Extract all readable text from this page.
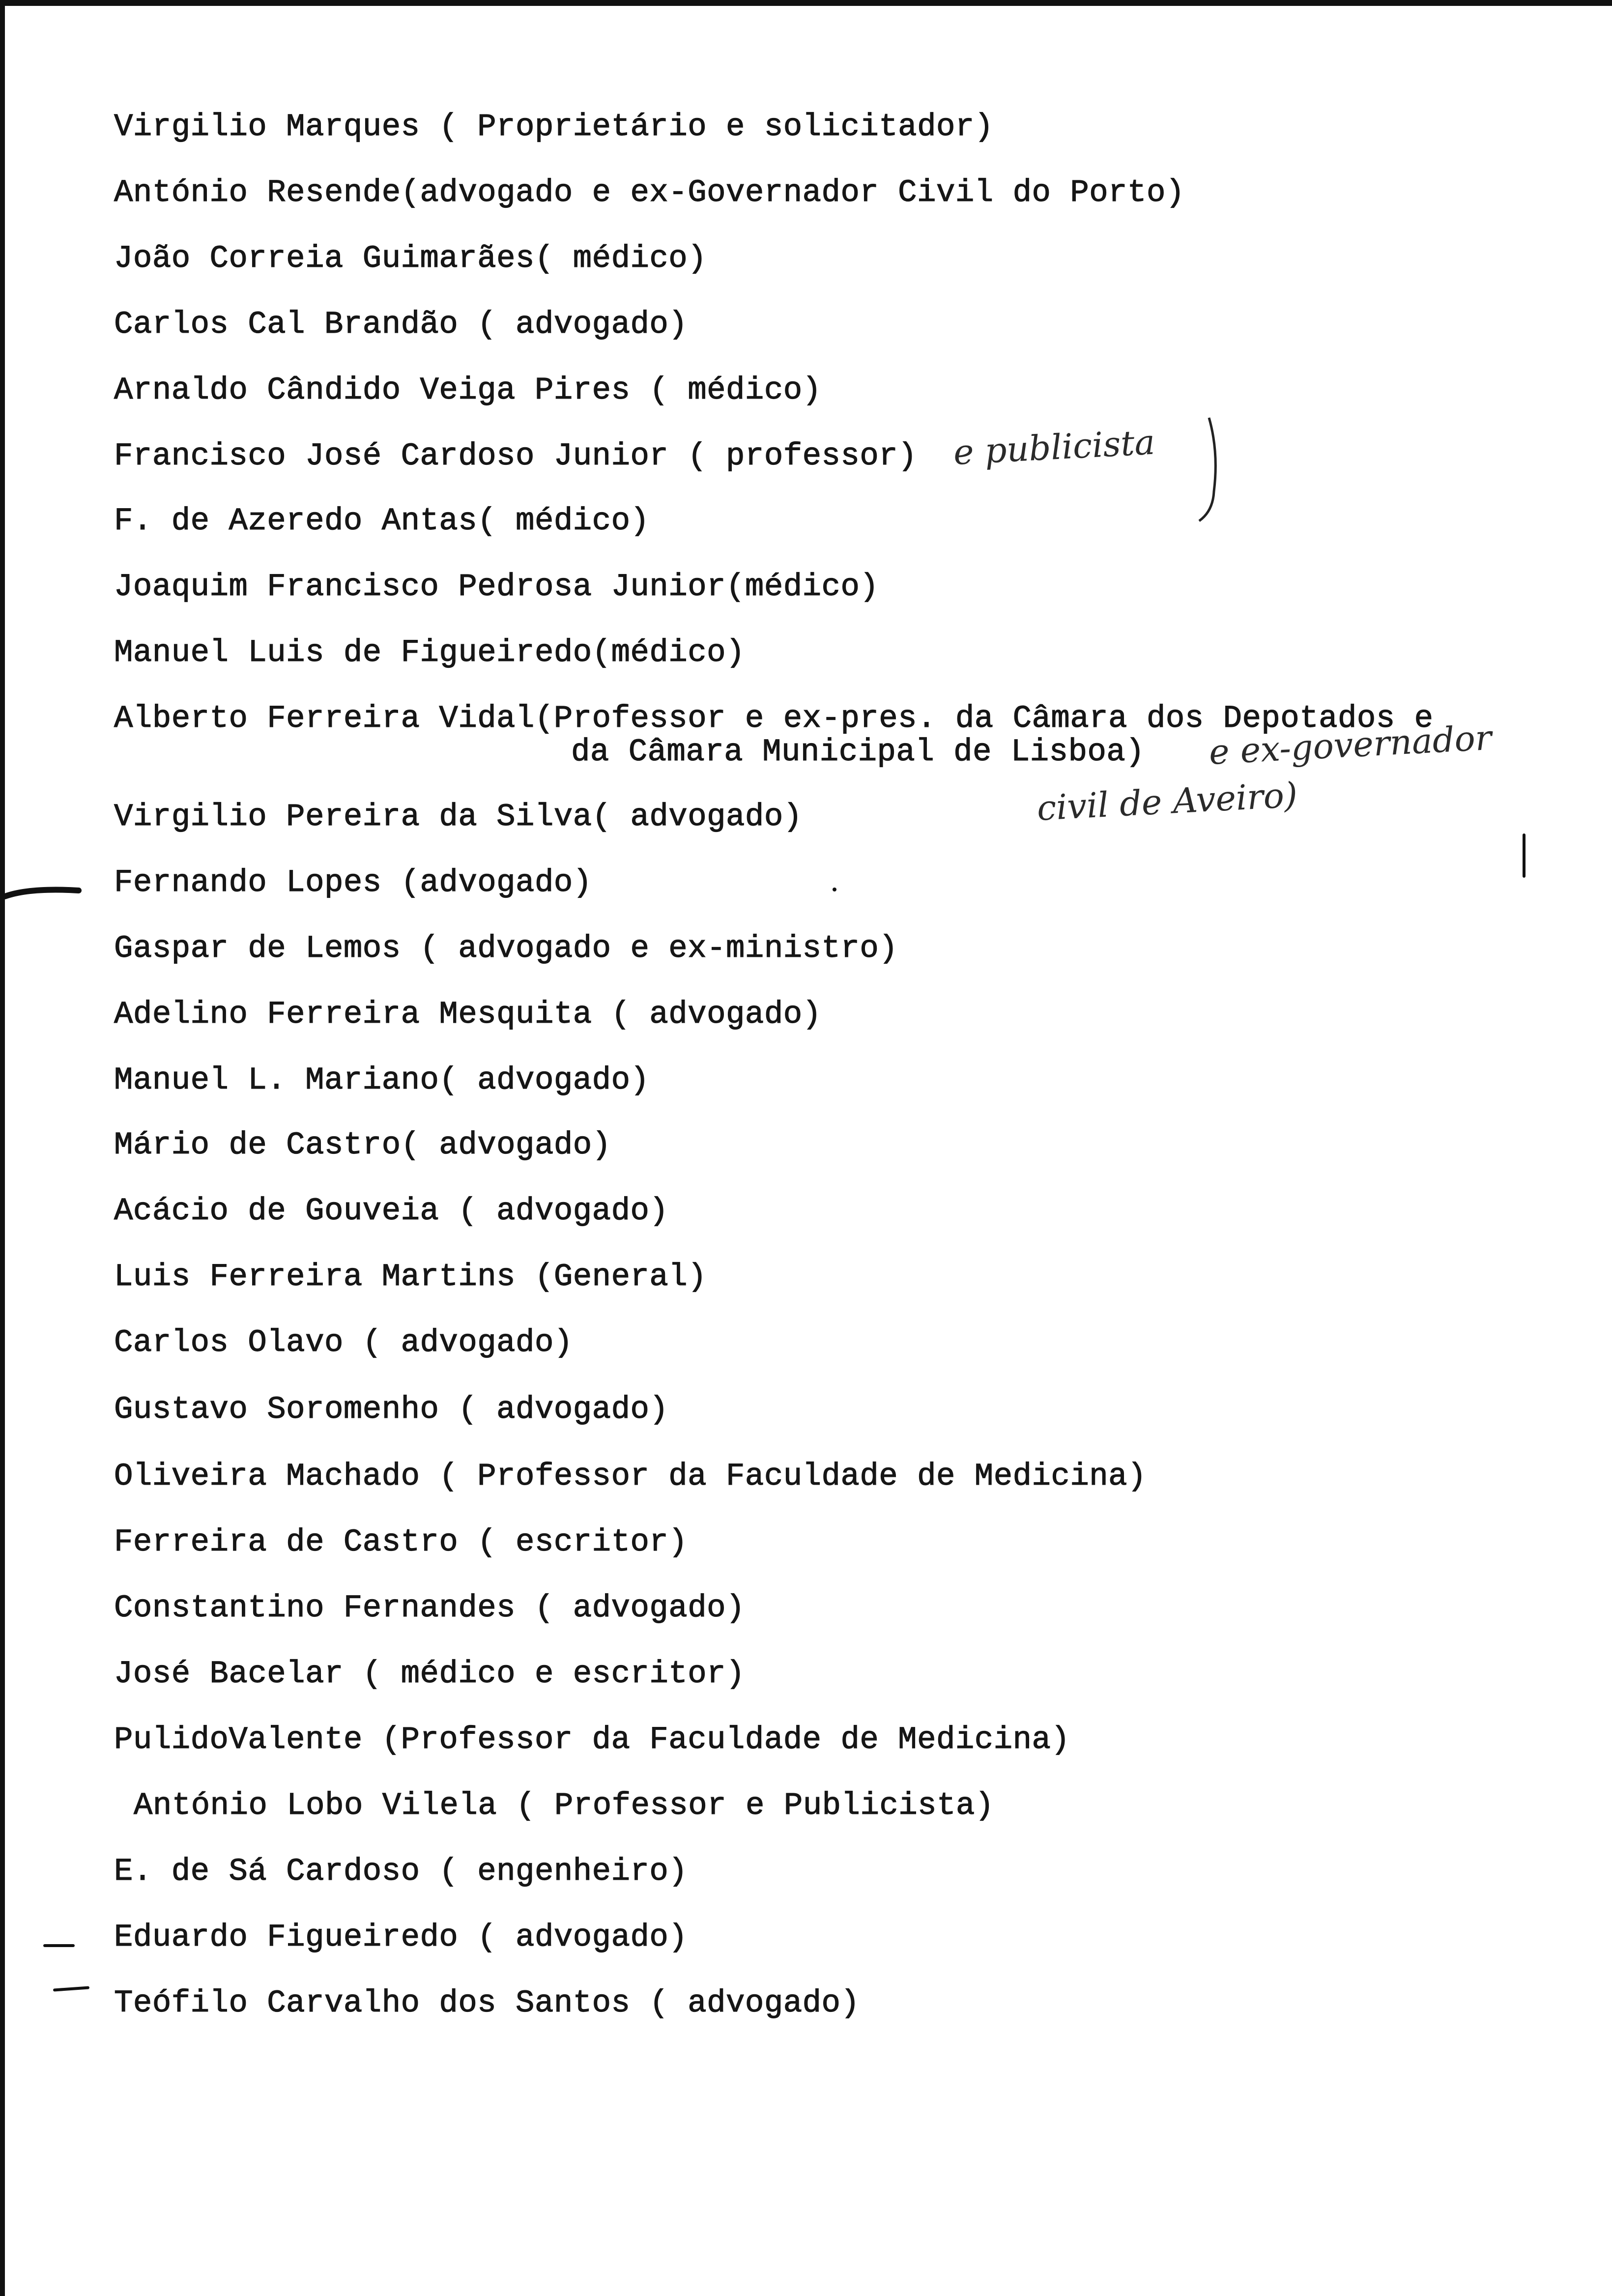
Virgilio Marques ( Proprietário e solicitador)
António Resende(advogado e ex-Governador Civil do Porto)
João Correia Guimarães( médico)
Carlos Cal Brandão ( advogado)
Arnaldo Cândido Veiga Pires ( médico)
Francisco José Cardoso Junior ( professor)
F. de Azeredo Antas( médico)
Joaquim Francisco Pedrosa Junior(médico)
Manuel Luis de Figueiredo(médico)
Alberto Ferreira Vidal(Professor e ex-pres. da Câmara dos Depotados e
da Câmara Municipal de Lisboa)
Virgilio Pereira da Silva( advogado)
Fernando Lopes (advogado)
Gaspar de Lemos ( advogado e ex-ministro)
Adelino Ferreira Mesquita ( advogado)
Manuel L. Mariano( advogado)
Mário de Castro( advogado)
Acácio de Gouveia ( advogado)
Luis Ferreira Martins (General)
Carlos Olavo ( advogado)
Gustavo Soromenho ( advogado)
Oliveira Machado ( Professor da Faculdade de Medicina)
Ferreira de Castro ( escritor)
Constantino Fernandes ( advogado)
José Bacelar ( médico e escritor)
PulidoValente (Professor da Faculdade de Medicina)
António Lobo Vilela ( Professor e Publicista)
E. de Sá Cardoso ( engenheiro)
Eduardo Figueiredo ( advogado)
Teófilo Carvalho dos Santos ( advogado)
e publicista
e ex-governador
civil de Aveiro)
